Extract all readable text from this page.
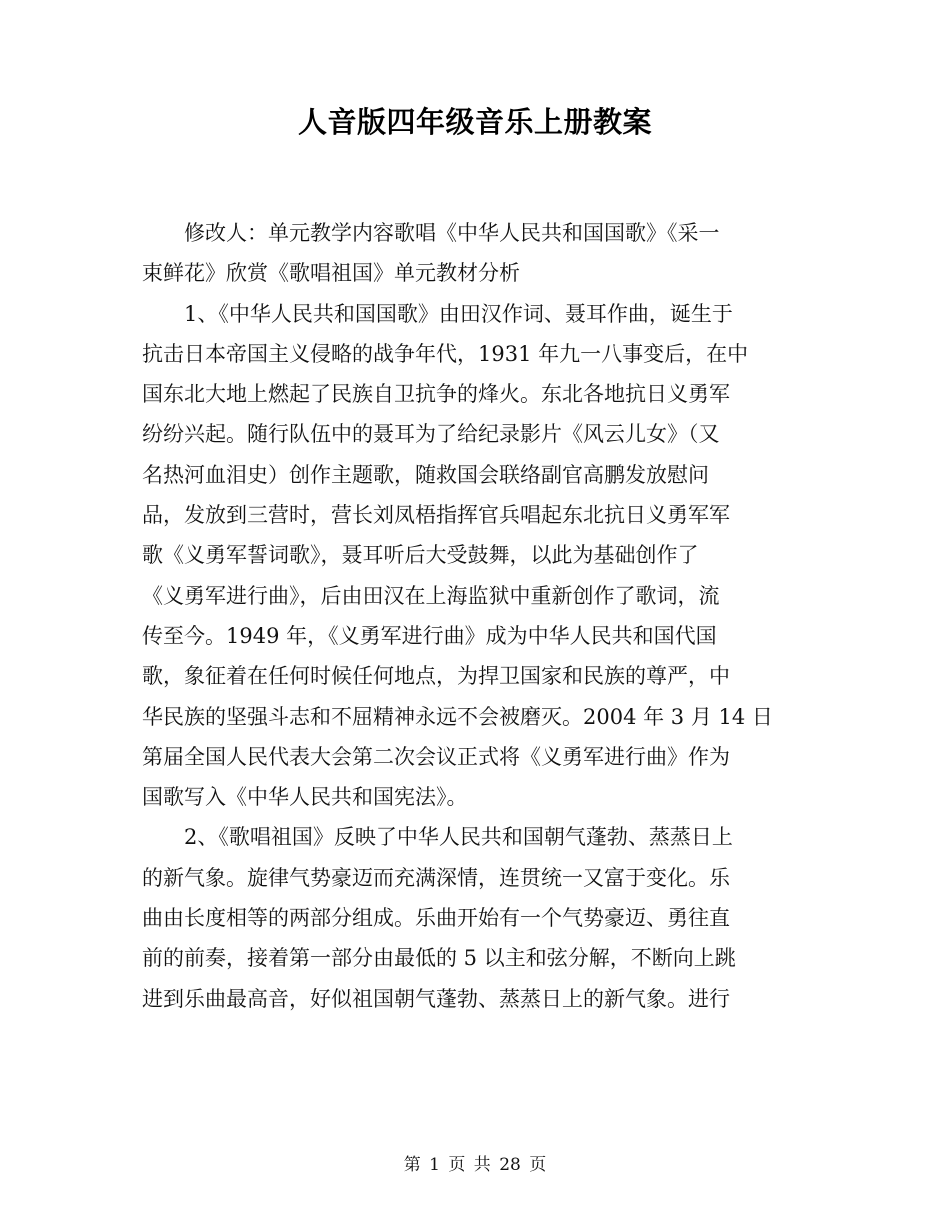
人音版四年级音乐上册教案

　　修改人：单元教学内容歌唱《中华人民共和国国歌》《采一
束鲜花》欣赏《歌唱祖国》单元教材分析

　　1、《中华人民共和国国歌》由田汉作词、聂耳作曲，诞生于
抗击日本帝国主义侵略的战争年代，1931 年九一八事变后，在中
国东北大地上燃起了民族自卫抗争的烽火。东北各地抗日义勇军
纷纷兴起。随行队伍中的聂耳为了给纪录影片《风云儿女》（又
名热河血泪史）创作主题歌，随救国会联络副官高鹏发放慰问
品，发放到三营时，营长刘凤梧指挥官兵唱起东北抗日义勇军军
歌《义勇军誓词歌》，聂耳听后大受鼓舞，以此为基础创作了
《义勇军进行曲》，后由田汉在上海监狱中重新创作了歌词，流
传至今。1949 年，《义勇军进行曲》成为中华人民共和国代国
歌，象征着在任何时候任何地点，为捍卫国家和民族的尊严，中
华民族的坚强斗志和不屈精神永远不会被磨灭。2004 年 3 月 14 日
第届全国人民代表大会第二次会议正式将《义勇军进行曲》作为
国歌写入《中华人民共和国宪法》。

　　2、《歌唱祖国》反映了中华人民共和国朝气蓬勃、蒸蒸日上
的新气象。旋律气势豪迈而充满深情，连贯统一又富于变化。乐
曲由长度相等的两部分组成。乐曲开始有一个气势豪迈、勇往直
前的前奏，接着第一部分由最低的 5 以主和弦分解，不断向上跳
进到乐曲最高音，好似祖国朝气蓬勃、蒸蒸日上的新气象。进行

第 1 页 共 28 页
